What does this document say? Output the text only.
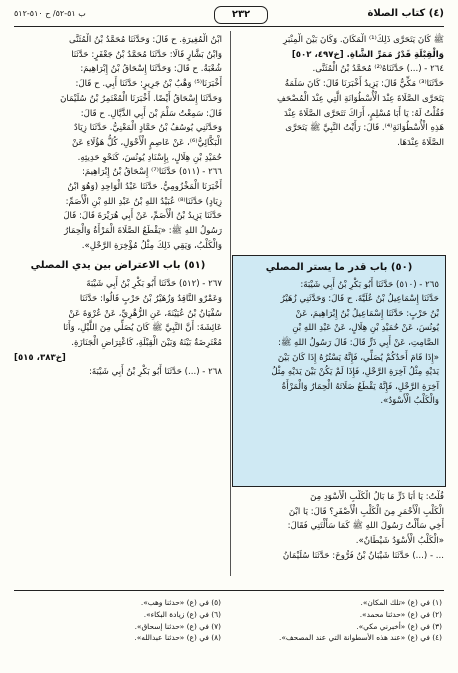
(٤) كتاب الصلاة
٢٣٢
ب ٥١-٥٢/ ح ٥١٠-٥١٢

ﷺ كَانَ يَتَحَرَّى ذَلِكَ⁽¹⁾ الْمَكَانَ. وَكَانَ بَيْنَ الْمِنْبَرِ

وَالْقِبْلَةِ قَدْرُ مَمَرِّ الشَّاةِ. [خ٤٩٧، ٥٠٢]

٢٦٤ - (...) حَدَّثَنَاهُ⁽²⁾ مُحَمَّدُ بْنُ الْمُثَنَّى.

حَدَّثَنَا⁽³⁾ مَكِّيٌّ قَالَ: يَزِيدُ أَخْبَرَنَا قَالَ: كَانَ سَلَمَةُ

يَتَحَرَّى الصَّلَاةَ عِنْدَ الْأُسْطُوَانَةِ الَّتِي عِنْدَ الْمُصْحَفِ

فَقُلْتُ لَهُ: يَا أَبَا مُسْلِمٍ، أَرَاكَ تَتَحَرَّى الصَّلَاةَ عِنْدَ

هَذِهِ الْأُسْطُوَانَةِ⁽⁴⁾. قَالَ: رَأَيْتُ النَّبِيَّ ﷺ يَتَحَرَّى

الصَّلَاةَ عِنْدَهَا.

(٥٠) باب قدر ما يستر المصلي

٢٦٥ - (٥١٠) حَدَّثَنَا أَبُو بَكْرِ بْنُ أَبِي شَيْبَةَ:

حَدَّثَنَا إِسْمَاعِيلُ بْنُ عُلَيَّةَ. ح قَالَ: وَحَدَّثَنِي زُهَيْرُ

بْنُ حَرْبٍ: حَدَّثَنَا إِسْمَاعِيلُ بْنُ إِبْرَاهِيمَ، عَنْ

يُونُسَ، عَنْ حُمَيْدِ بْنِ هِلَالٍ، عَنْ عَبْدِ اللهِ بْنِ

الصَّامِتِ، عَنْ أَبِي ذَرٍّ قَالَ: قَالَ رَسُولُ اللهِ ﷺ:

«إِذَا قَامَ أَحَدُكُمْ يُصَلِّي، فَإِنَّهُ يَسْتُرُهُ إِذَا كَانَ بَيْنَ

يَدَيْهِ مِثْلُ آخِرَةِ الرَّحْلِ، فَإِذَا لَمْ يَكُنْ بَيْنَ يَدَيْهِ مِثْلُ

آخِرَةِ الرَّحْلِ، فَإِنَّهُ يَقْطَعُ صَلَاتَهُ الْحِمَارُ وَالْمَرْأَةُ

وَالْكَلْبُ الْأَسْوَدُ».

قُلْتُ: يَا أَبَا ذَرٍّ مَا بَالُ الْكَلْبِ الْأَسْوَدِ مِنَ

الْكَلْبِ الْأَحْمَرِ مِنَ الْكَلْبِ الْأَصْفَرِ؟ قَالَ: يَا ابْنَ

أَخِي سَأَلْتُ رَسُولَ اللهِ ﷺ كَمَا سَأَلْتَنِي فَقَالَ:

«الْكَلْبُ الْأَسْوَدُ شَيْطَانٌ».

... - (...) حَدَّثَنَا شَيْبَانُ بْنُ فَرُّوخَ: حَدَّثَنَا سُلَيْمَانُ

ابْنُ الْمُغِيرَةِ. ح قَالَ: وَحَدَّثَنَا مُحَمَّدُ بْنُ الْمُثَنَّى

وَابْنُ بَشَّارٍ قَالَا: حَدَّثَنَا مُحَمَّدُ بْنُ جَعْفَرٍ: حَدَّثَنَا

شُعْبَةُ. ح قَالَ: وَحَدَّثَنَا إِسْحَاقُ بْنُ إِبْرَاهِيمَ:

أَخْبَرَنَا⁽⁵⁾ وَهْبُ بْنُ جَرِيرٍ: حَدَّثَنَا أَبِي. ح قَالَ:

وَحَدَّثَنَا إِسْحَاقُ أَيْضًا. أَخْبَرَنَا الْمُعْتَمِرُ بْنُ سُلَيْمَانَ

قَالَ: سَمِعْتُ سَلْمَ بْنَ أَبِي الذَّيَّالِ. ح قَالَ:

وَحَدَّثَنِي يُوسُفُ بْنُ حَمَّادٍ الْمَعْنِيُّ. حَدَّثَنَا زِيَادٌ

الْبَكَّائِيُّ⁽⁶⁾، عَنْ عَاصِمٍ الْأَحْوَلِ، كُلُّ هَؤُلَاءِ عَنْ

حُمَيْدِ بْنِ هِلَالٍ، بِإِسْنَادِ يُونُسَ، كَنَحْوِ حَدِيثِهِ.

٢٦٦ - (٥١١) حَدَّثَنَا⁽⁷⁾ إِسْحَاقُ بْنُ إِبْرَاهِيمَ:

أَخْبَرَنَا الْمَخْزُومِيُّ. حَدَّثَنَا عَبْدُ الْوَاحِدِ (وَهُوَ ابْنُ

زِيَادٍ) حَدَّثَنَا⁽⁸⁾ عُبَيْدُ اللهِ بْنُ عَبْدِ اللهِ بْنِ الْأَصَمِّ:

حَدَّثَنَا يَزِيدُ بْنُ الْأَصَمِّ، عَنْ أَبِي هُرَيْرَةَ قَالَ: قَالَ

رَسُولُ اللهِ ﷺ: «يَقْطَعُ الصَّلَاةَ الْمَرْأَةُ وَالْحِمَارُ

وَالْكَلْبُ، وَيَقِي ذَلِكَ مِثْلُ مُؤْخِرَةِ الرَّحْلِ».

(٥١) باب الاعتراض بين يدي المصلي

٢٦٧ - (٥١٢) حَدَّثَنَا أَبُو بَكْرِ بْنُ أَبِي شَيْبَةَ

وَعَمْرٌو النَّاقِدُ وَزُهَيْرُ بْنُ حَرْبٍ قَالُوا: حَدَّثَنَا

سُفْيَانُ بْنُ عُيَيْنَةَ، عَنِ الزُّهْرِيِّ، عَنْ عُرْوَةَ عَنْ

عَائِشَةَ: أَنَّ النَّبِيَّ ﷺ كَانَ يُصَلِّي مِنَ اللَّيْلِ، وَأَنَا

مُعْتَرِضَةٌ بَيْنَهُ وَبَيْنَ الْقِبْلَةِ، كَاعْتِرَاضِ الْجَنَازَةِ.

[خ٣٨٣، ٥١٥]

٢٦٨ - (...) حَدَّثَنَا أَبُو بَكْرِ بْنُ أَبِي شَيْبَةَ:

(١) في (ع) «تلك المكان».
(٢) في (ع) «حدثنا محمد».
(٣) في (ع) «أخبرني مكي».
(٤) في (ع) «عند هذه الأسطوانة التي عند المصحف».
(٥) في (ع) «حدثنا وهب».
(٦) في (ع) زيادة البكاء».
(٧) في (ع) «حدثنا إسحاق».
(٨) في (ع) «حدثنا عبدالله».
